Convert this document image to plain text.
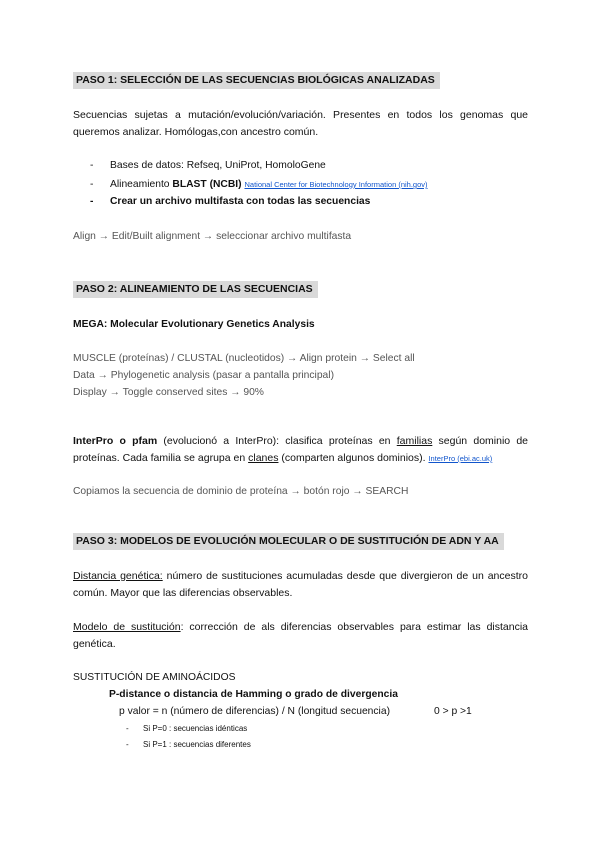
PASO 1: SELECCIÓN DE LAS SECUENCIAS BIOLÓGICAS ANALIZADAS
Secuencias sujetas a mutación/evolución/variación. Presentes en todos los genomas que queremos analizar. Homólogas,con ancestro común.
- Bases de datos: Refseq, UniProt, HomoloGene
- Alineamiento BLAST (NCBI) National Center for Biotechnology Information (nih.gov)
- Crear un archivo multifasta con todas las secuencias
Align → Edit/Built alignment → seleccionar archivo multifasta
PASO 2: ALINEAMIENTO DE LAS SECUENCIAS
MEGA: Molecular Evolutionary Genetics Analysis
MUSCLE (proteínas) / CLUSTAL (nucleotidos) → Align protein → Select all
Data → Phylogenetic analysis (pasar a pantalla principal)
Display → Toggle conserved sites → 90%
InterPro o pfam (evolucionó a InterPro): clasifica proteínas en familias según dominio de proteínas. Cada familia se agrupa en clanes (comparten algunos dominios). InterPro (ebi.ac.uk)
Copiamos la secuencia de dominio de proteína → botón rojo → SEARCH
PASO 3: MODELOS DE EVOLUCIÓN MOLECULAR O DE SUSTITUCIÓN DE ADN Y AA
Distancia genética: número de sustituciones acumuladas desde que divergieron de un ancestro común. Mayor que las diferencias observables.
Modelo de sustitución: corrección de als diferencias observables para estimar las distancia genética.
SUSTITUCIÓN DE AMINOÁCIDOS
P-distance o distancia de Hamming o grado de divergencia
p valor = n (número de diferencias) / N (longitud secuencia)	0 > p >1
- Si P=0 : secuencias idénticas
- Si P=1 : secuencias diferentes
